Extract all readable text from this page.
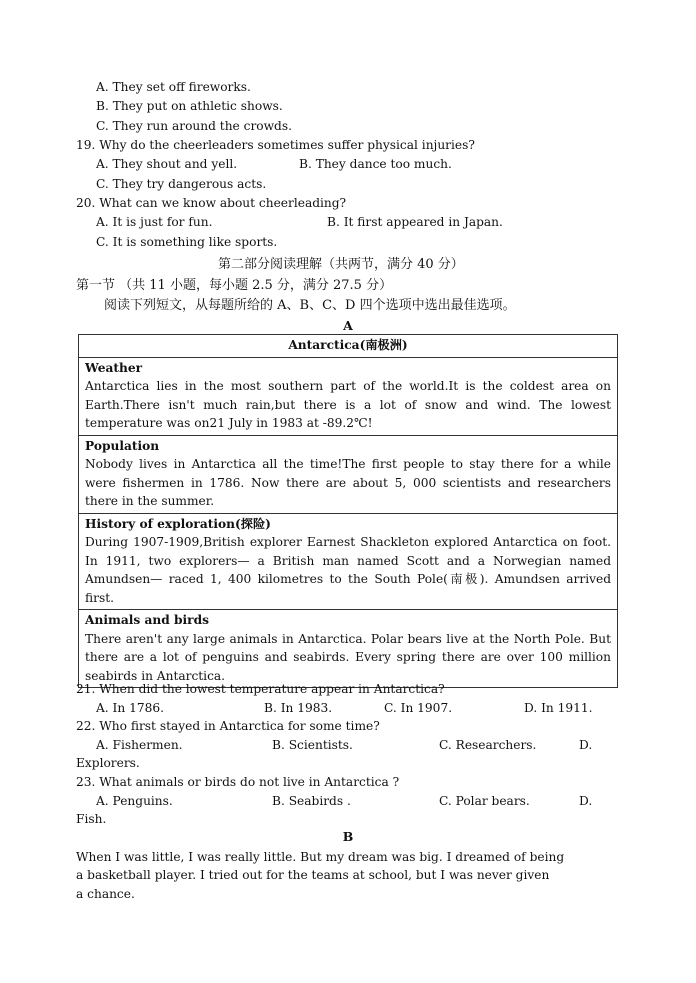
A. They set off fireworks.
B. They put on athletic shows.
C. They run around the crowds.
19. Why do the cheerleaders sometimes suffer physical injuries?
A. They shout and yell.	B. They dance too much.
C. They try dangerous acts.
20. What can we know about cheerleading?
A. It is just for fun.	B. It first appeared in Japan.
C. It is something like sports.
第二部分阅读理解（共两节，满分 40 分）
第一节 （共 11 小题，每小题 2.5 分，满分 27.5 分）
阅读下列短文，从每题所给的 A、B、C、D 四个选项中选出最佳选项。
A
Antarctica(南极洲)

Weather
Antarctica lies in the most southern part of the world.It is the coldest area on Earth.There isn't much rain,but there is a lot of snow and wind. The lowest temperature was on21 July in 1983 at -89.2℃!

Population
Nobody lives in Antarctica all the time!The first people to stay there for a while were fishermen in 1786. Now there are about 5, 000 scientists and researchers there in the summer.

History of exploration(探险)
During 1907-1909,British explorer Earnest Shackleton explored Antarctica on foot. In 1911, two explorers— a British man named Scott and a Norwegian named Amundsen— raced 1, 400 kilometres to the South Pole(南极). Amundsen arrived first.

Animals and birds
There aren't any large animals in Antarctica. Polar bears live at the North Pole. But there are a lot of penguins and seabirds. Every spring there are over 100 million seabirds in Antarctica.
21. When did the lowest temperature appear in Antarctica?
A. In 1786.	B. In 1983.	C. In 1907.	D. In 1911.
22. Who first stayed in Antarctica for some time?
A. Fishermen.	B. Scientists.	C. Researchers.	D.
Explorers.
23. What animals or birds do not live in Antarctica ?
A. Penguins.	B. Seabirds .	C. Polar bears.	D.
Fish.
B
When I was little, I was really little. But my dream was big. I dreamed of being
a basketball player. I tried out for the teams at school, but I was never given
a chance.
